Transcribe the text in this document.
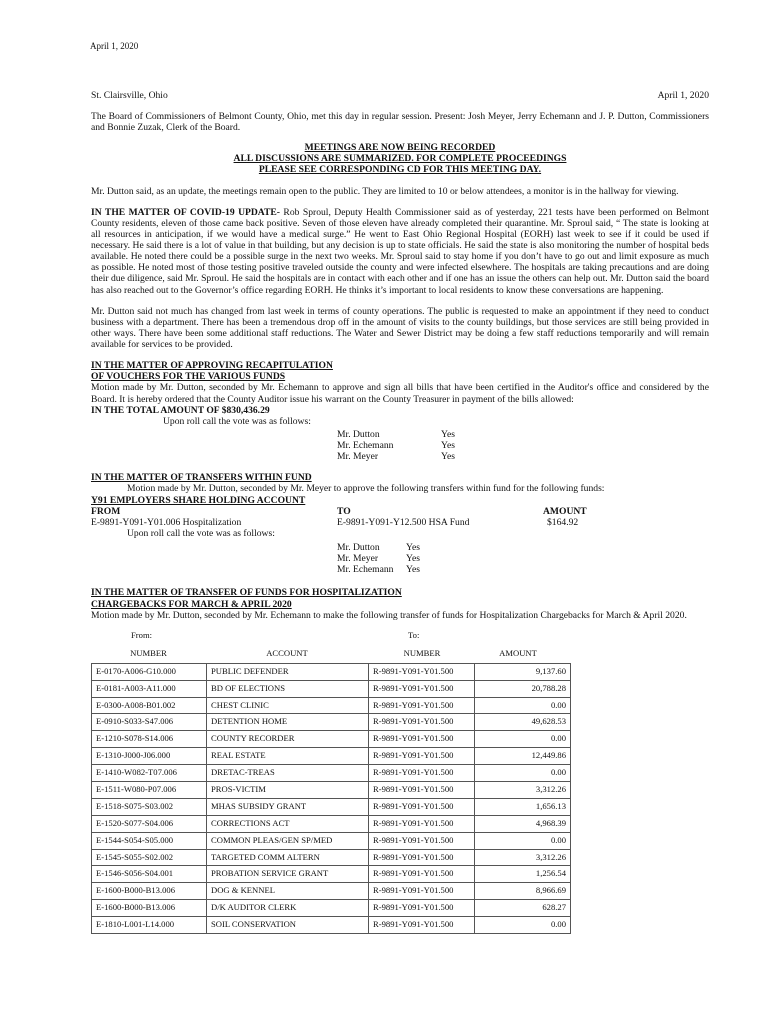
April 1, 2020
St. Clairsville, Ohio	April 1, 2020

The Board of Commissioners of Belmont County, Ohio, met this day in regular session. Present: Josh Meyer, Jerry Echemann and J. P. Dutton, Commissioners and Bonnie Zuzak, Clerk of the Board.

MEETINGS ARE NOW BEING RECORDED
ALL DISCUSSIONS ARE SUMMARIZED. FOR COMPLETE PROCEEDINGS
PLEASE SEE CORRESPONDING CD FOR THIS MEETING DAY.

Mr. Dutton said, as an update, the meetings remain open to the public. They are limited to 10 or below attendees, a monitor is in the hallway for viewing.

IN THE MATTER OF COVID-19 UPDATE- Rob Sproul, Deputy Health Commissioner said as of yesterday, 221 tests have been performed on Belmont County residents, eleven of those came back positive. Seven of those eleven have already completed their quarantine. Mr. Sproul said, “ The state is looking at all resources in anticipation, if we would have a medical surge.” He went to East Ohio Regional Hospital (EORH) last week to see if it could be used if necessary. He said there is a lot of value in that building, but any decision is up to state officials. He said the state is also monitoring the number of hospital beds available. He noted there could be a possible surge in the next two weeks. Mr. Sproul said to stay home if you don’t have to go out and limit exposure as much as possible. He noted most of those testing positive traveled outside the county and were infected elsewhere. The hospitals are taking precautions and are doing their due diligence, said Mr. Sproul. He said the hospitals are in contact with each other and if one has an issue the others can help out. Mr. Dutton said the board has also reached out to the Governor’s office regarding EORH. He thinks it’s important to local residents to know these conversations are happening.

Mr. Dutton said not much has changed from last week in terms of county operations. The public is requested to make an appointment if they need to conduct business with a department. There has been a tremendous drop off in the amount of visits to the county buildings, but those services are still being provided in other ways. There have been some additional staff reductions. The Water and Sewer District may be doing a few staff reductions temporarily and will remain available for services to be provided.

IN THE MATTER OF APPROVING RECAPITULATION
OF VOUCHERS FOR THE VARIOUS FUNDS
Motion made by Mr. Dutton, seconded by Mr. Echemann to approve and sign all bills that have been certified in the Auditor's office and considered by the Board. It is hereby ordered that the County Auditor issue his warrant on the County Treasurer in payment of the bills allowed:
IN THE TOTAL AMOUNT OF $830,436.29
Upon roll call the vote was as follows:
Mr. Dutton	Yes
Mr. Echemann	Yes
Mr. Meyer	Yes
IN THE MATTER OF TRANSFERS WITHIN FUND
Motion made by Mr. Dutton, seconded by Mr. Meyer to approve the following transfers within fund for the following funds:
Y91 EMPLOYERS SHARE HOLDING ACCOUNT
FROM	TO	AMOUNT
E-9891-Y091-Y01.006 Hospitalization	E-9891-Y091-Y12.500 HSA Fund	$164.92
Upon roll call the vote was as follows:
Mr. Dutton	Yes
Mr. Meyer	Yes
Mr. Echemann	Yes
IN THE MATTER OF TRANSFER OF FUNDS FOR HOSPITALIZATION
CHARGEBACKS FOR MARCH & APRIL 2020
Motion made by Mr. Dutton, seconded by Mr. Echemann to make the following transfer of funds for Hospitalization Chargebacks for March & April 2020.
From:	To:
NUMBER	ACCOUNT	NUMBER	AMOUNT
E-0170-A006-G10.000	PUBLIC DEFENDER	R-9891-Y091-Y01.500	9,137.60
E-0181-A003-A11.000	BD OF ELECTIONS	R-9891-Y091-Y01.500	20,788.28
E-0300-A008-B01.002	CHEST CLINIC	R-9891-Y091-Y01.500	0.00
E-0910-S033-S47.006	DETENTION HOME	R-9891-Y091-Y01.500	49,628.53
E-1210-S078-S14.006	COUNTY RECORDER	R-9891-Y091-Y01.500	0.00
E-1310-J000-J06.000	REAL ESTATE	R-9891-Y091-Y01.500	12,449.86
E-1410-W082-T07.006	DRETAC-TREAS	R-9891-Y091-Y01.500	0.00
E-1511-W080-P07.006	PROS-VICTIM	R-9891-Y091-Y01.500	3,312.26
E-1518-S075-S03.002	MHAS SUBSIDY GRANT	R-9891-Y091-Y01.500	1,656.13
E-1520-S077-S04.006	CORRECTIONS ACT	R-9891-Y091-Y01.500	4,968.39
E-1544-S054-S05.000	COMMON PLEAS/GEN SP/MED	R-9891-Y091-Y01.500	0.00
E-1545-S055-S02.002	TARGETED COMM ALTERN	R-9891-Y091-Y01.500	3,312.26
E-1546-S056-S04.001	PROBATION SERVICE GRANT	R-9891-Y091-Y01.500	1,256.54
E-1600-B000-B13.006	DOG & KENNEL	R-9891-Y091-Y01.500	8,966.69
E-1600-B000-B13.006	D/K AUDITOR CLERK	R-9891-Y091-Y01.500	628.27
E-1810-L001-L14.000	SOIL CONSERVATION	R-9891-Y091-Y01.500	0.00
